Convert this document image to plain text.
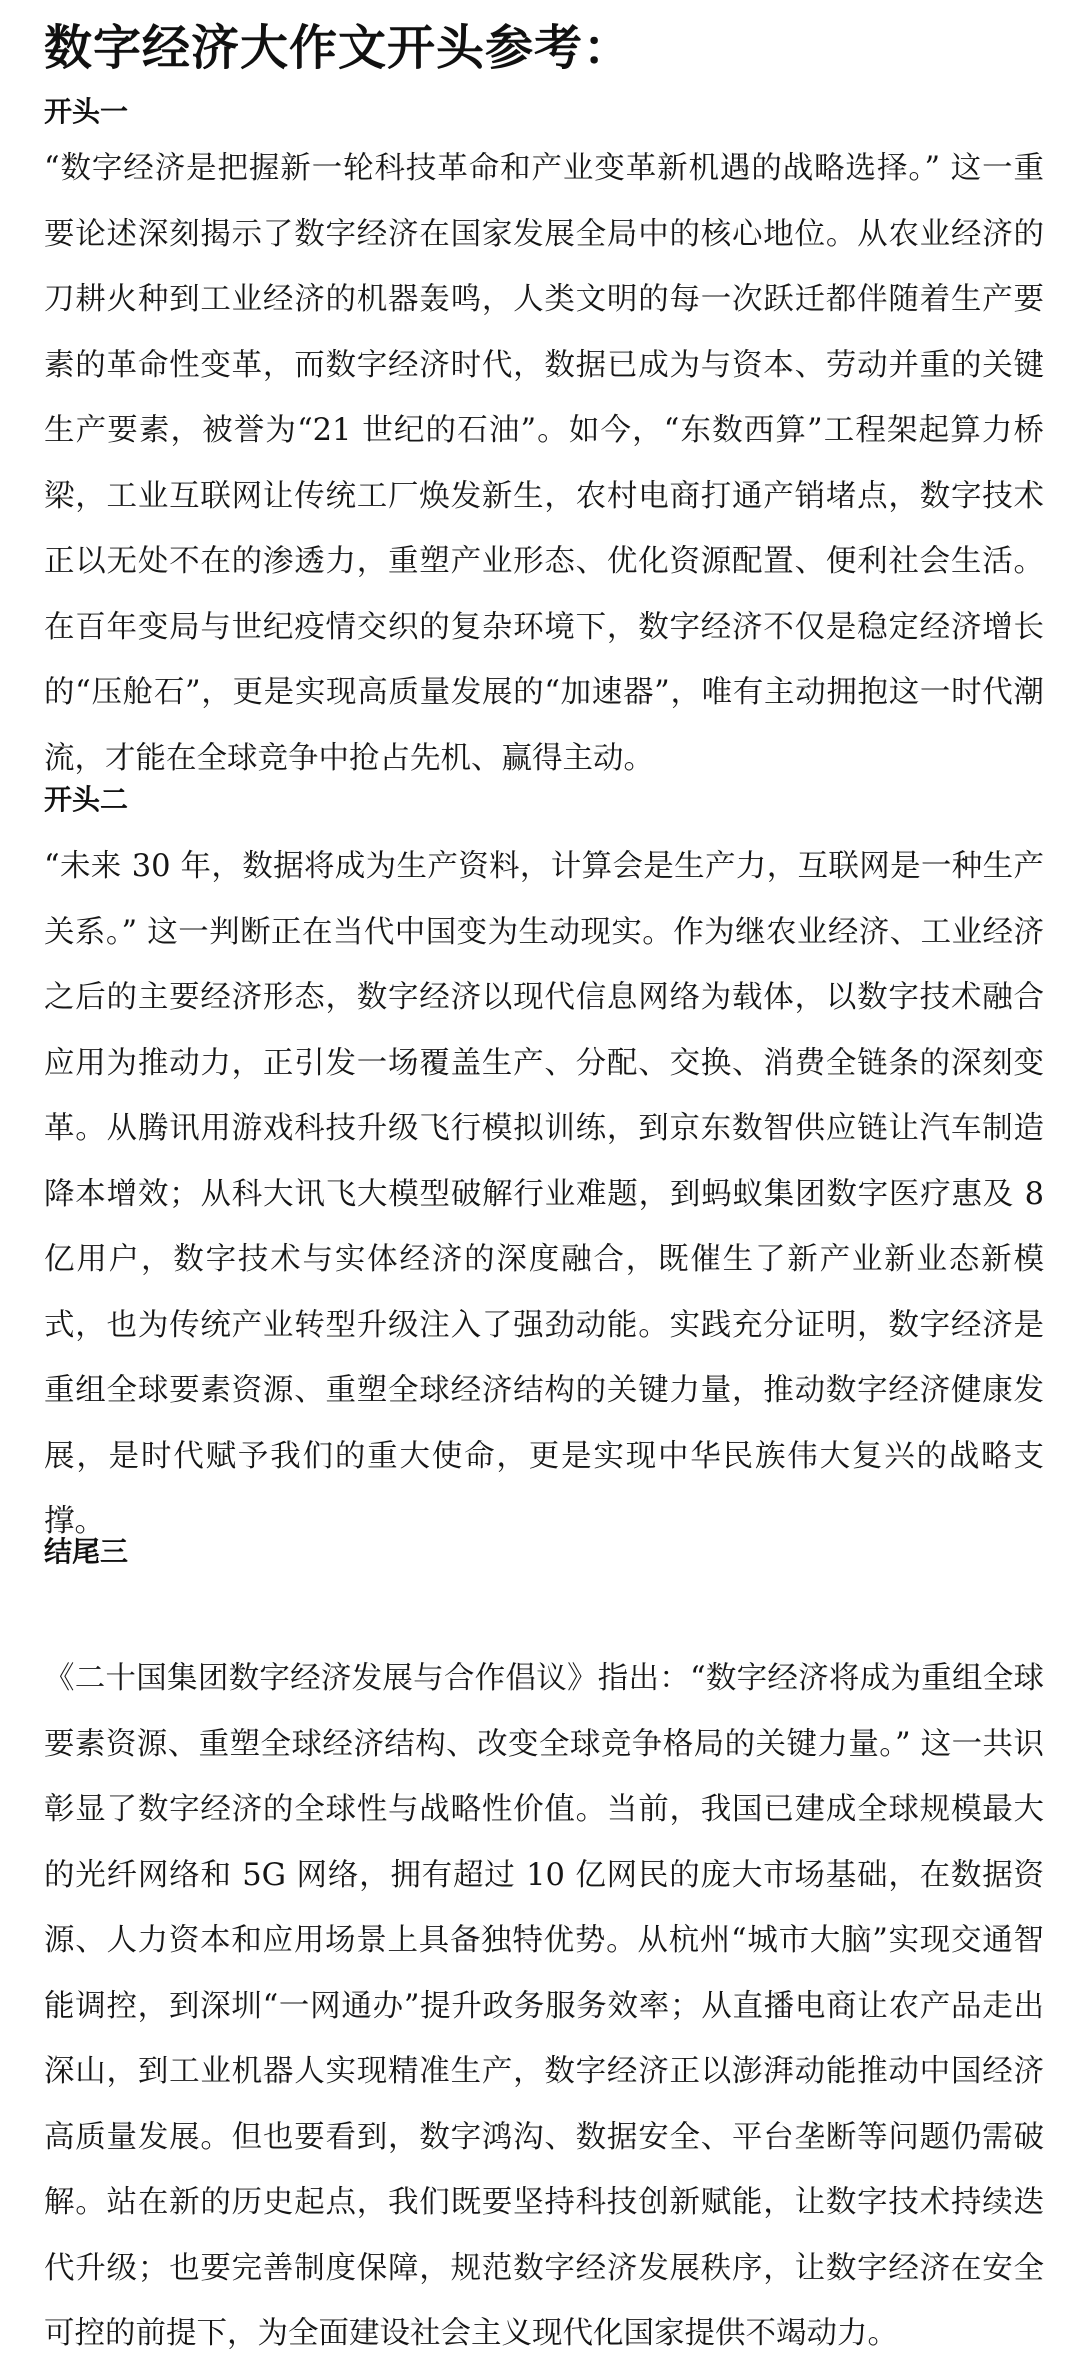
数字经济大作文开头参考：
开头一

“数字经济是把握新一轮科技革命和产业变革新机遇的战略选择。” 这一重要论述深刻揭示了数字经济在国家发展全局中的核心地位。从农业经济的刀耕火种到工业经济的机器轰鸣，人类文明的每一次跃迁都伴随着生产要素的革命性变革，而数字经济时代，数据已成为与资本、劳动并重的关键生产要素，被誉为“21 世纪的石油”。如今，“东数西算”工程架起算力桥梁，工业互联网让传统工厂焕发新生，农村电商打通产销堵点，数字技术正以无处不在的渗透力，重塑产业形态、优化资源配置、便利社会生活。在百年变局与世纪疫情交织的复杂环境下，数字经济不仅是稳定经济增长的“压舱石”，更是实现高质量发展的“加速器”，唯有主动拥抱这一时代潮流，才能在全球竞争中抢占先机、赢得主动。

开头二

“未来 30 年，数据将成为生产资料，计算会是生产力，互联网是一种生产关系。” 这一判断正在当代中国变为生动现实。作为继农业经济、工业经济之后的主要经济形态，数字经济以现代信息网络为载体，以数字技术融合应用为推动力，正引发一场覆盖生产、分配、交换、消费全链条的深刻变革。从腾讯用游戏科技升级飞行模拟训练，到京东数智供应链让汽车制造降本增效；从科大讯飞大模型破解行业难题，到蚂蚁集团数字医疗惠及 8 亿用户，数字技术与实体经济的深度融合，既催生了新产业新业态新模式，也为传统产业转型升级注入了强劲动能。实践充分证明，数字经济是重组全球要素资源、重塑全球经济结构的关键力量，推动数字经济健康发展，是时代赋予我们的重大使命，更是实现中华民族伟大复兴的战略支撑。

结尾三

《二十国集团数字经济发展与合作倡议》指出：“数字经济将成为重组全球要素资源、重塑全球经济结构、改变全球竞争格局的关键力量。” 这一共识彰显了数字经济的全球性与战略性价值。当前，我国已建成全球规模最大的光纤网络和 5G 网络，拥有超过 10 亿网民的庞大市场基础，在数据资源、人力资本和应用场景上具备独特优势。从杭州“城市大脑”实现交通智能调控，到深圳“一网通办”提升政务服务效率；从直播电商让农产品走出深山，到工业机器人实现精准生产，数字经济正以澎湃动能推动中国经济高质量发展。但也要看到，数字鸿沟、数据安全、平台垄断等问题仍需破解。站在新的历史起点，我们既要坚持科技创新赋能，让数字技术持续迭代升级；也要完善制度保障，规范数字经济发展秩序，让数字经济在安全可控的前提下，为全面建设社会主义现代化国家提供不竭动力。
